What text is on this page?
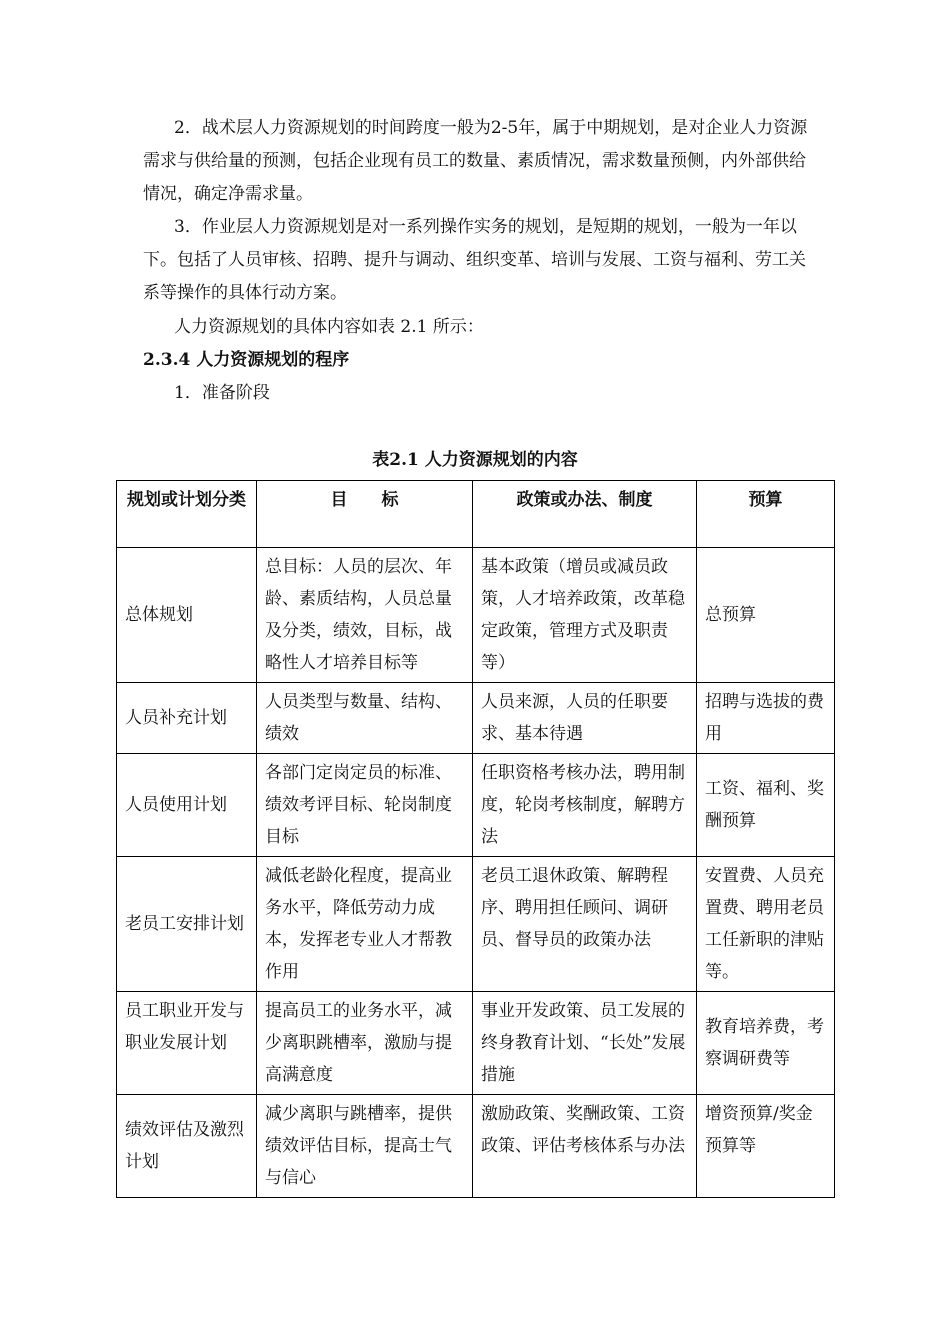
2．战术层人力资源规划的时间跨度一般为2-5年，属于中期规划，是对企业人力资源需求与供给量的预测，包括企业现有员工的数量、素质情况，需求数量预侧，内外部供给情况，确定净需求量。

3．作业层人力资源规划是对一系列操作实务的规划，是短期的规划，一般为一年以下。包括了人员审核、招聘、提升与调动、组织变革、培训与发展、工资与福利、劳工关系等操作的具体行动方案。

人力资源规划的具体内容如表 2.1 所示：

2.3.4 人力资源规划的程序

1．准备阶段

表2.1 人力资源规划的内容

规划或计划分类	目　　标	政策或办法、制度	预算
总体规划	总目标：人员的层次、年龄、素质结构，人员总量及分类，绩效，目标，战略性人才培养目标等	基本政策（增员或减员政策，人才培养政策，改革稳定政策，管理方式及职责等）	总预算
人员补充计划	人员类型与数量、结构、绩效	人员来源，人员的任职要求、基本待遇	招聘与选拔的费用
人员使用计划	各部门定岗定员的标准、绩效考评目标、轮岗制度目标	任职资格考核办法，聘用制度，轮岗考核制度，解聘方法	工资、福利、奖酬预算
老员工安排计划	减低老龄化程度，提高业务水平，降低劳动力成本，发挥老专业人才帮教作用	老员工退休政策、解聘程序、聘用担任顾问、调研员、督导员的政策办法	安置费、人员充置费、聘用老员工任新职的津贴等。
员工职业开发与职业发展计划	提高员工的业务水平，减少离职跳槽率，激励与提高满意度	事业开发政策、员工发展的终身教育计划、“长处”发展措施	教育培养费，考察调研费等
绩效评估及激烈计划	减少离职与跳槽率，提供绩效评估目标，提高士气与信心	激励政策、奖酬政策、工资政策、评估考核体系与办法	增资预算/奖金预算等
